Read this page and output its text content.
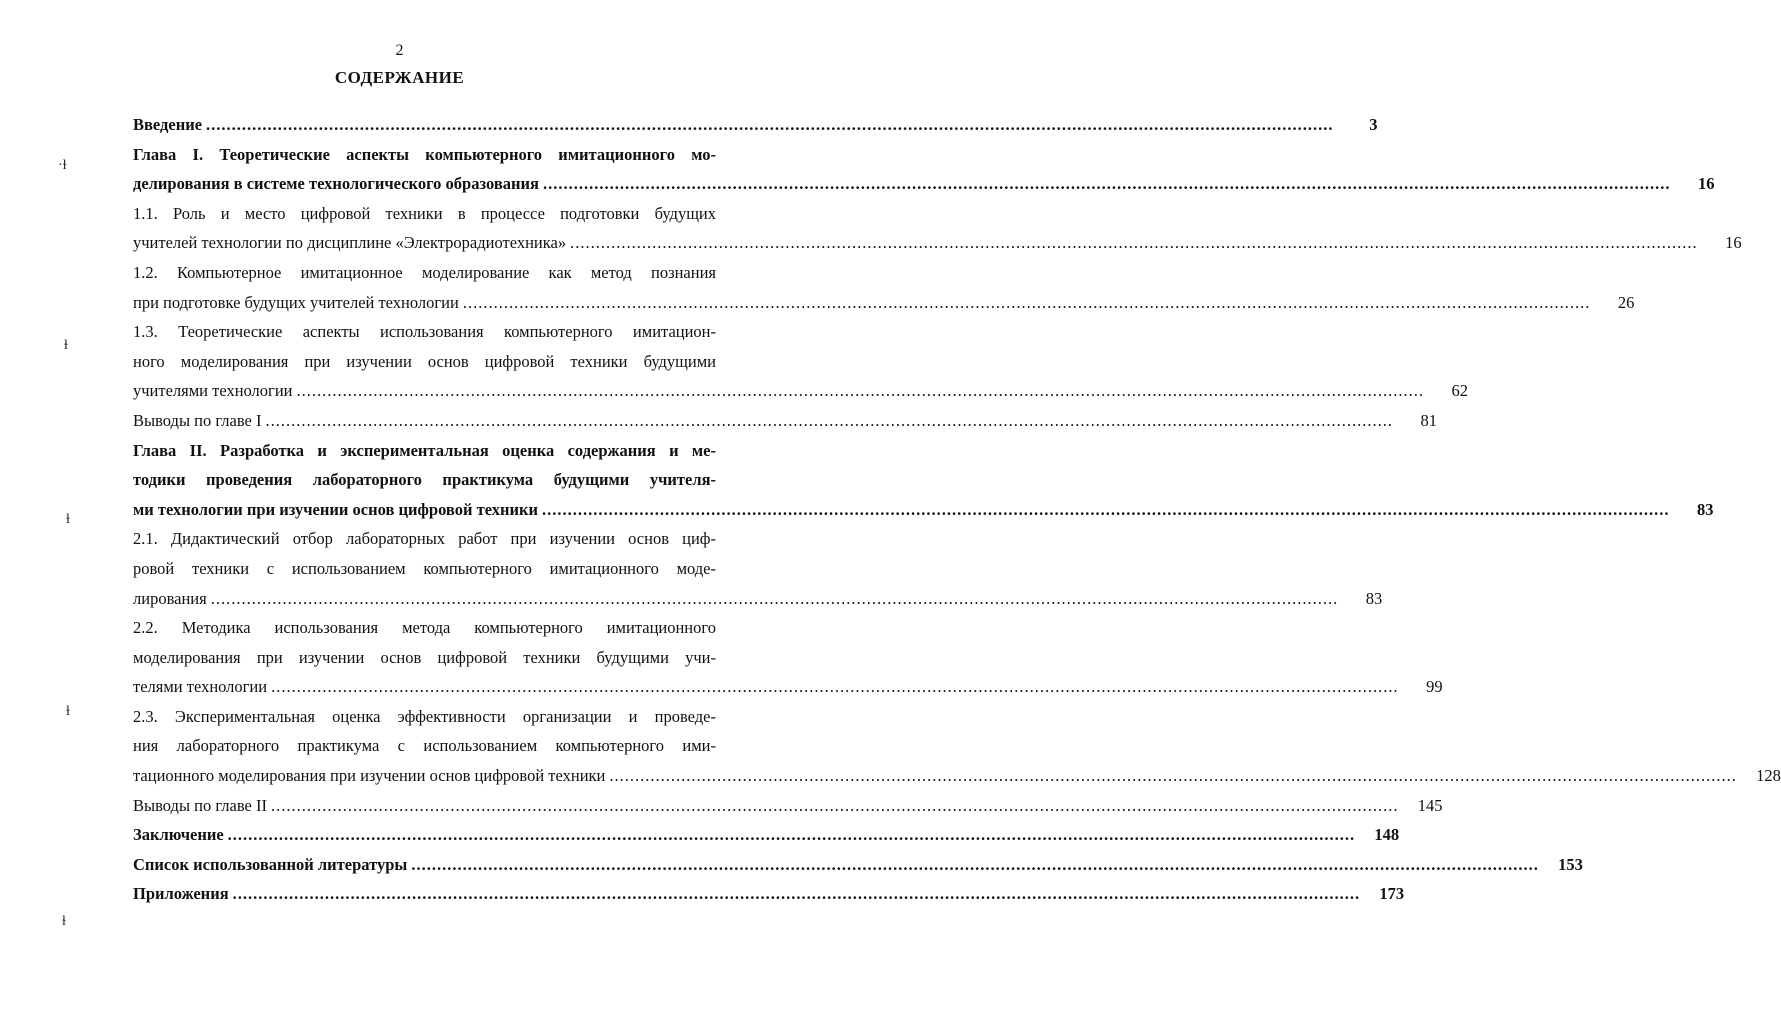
2
СОДЕРЖАНИЕ
Введение ............................................................................................................................................................................................................................	3
Глава I. Теоретические аспекты компьютерного имитационного мо-
делирования в системе технологического образования ............................................................................................................................................................................................................................	16
1.1. Роль и место цифровой техники в процессе подготовки будущих
учителей технологии по дисциплине «Электрорадиотехника» ............................................................................................................................................................................................................................	16
1.2. Компьютерное имитационное моделирование как метод познания
при подготовке будущих учителей технологии ............................................................................................................................................................................................................................	26
1.3. Теоретические аспекты использования компьютерного имитацион-
ного моделирования при изучении основ цифровой техники будущими
учителями технологии ............................................................................................................................................................................................................................	62
Выводы по главе I ............................................................................................................................................................................................................................	81
Глава II. Разработка и экспериментальная оценка содержания и ме-
тодики проведения лабораторного практикума будущими учителя-
ми технологии при изучении основ цифровой техники ............................................................................................................................................................................................................................	83
2.1. Дидактический отбор лабораторных работ при изучении основ циф-
ровой техники с использованием компьютерного имитационного моде-
лирования ............................................................................................................................................................................................................................	83
2.2. Методика использования метода компьютерного имитационного
моделирования при изучении основ цифровой техники будущими учи-
телями технологии ............................................................................................................................................................................................................................	99
2.3. Экспериментальная оценка эффективности организации и проведе-
ния лабораторного практикума с использованием компьютерного ими-
тационного моделирования при изучении основ цифровой техники ............................................................................................................................................................................................................................	128
Выводы по главе II ............................................................................................................................................................................................................................	145
Заключение ............................................................................................................................................................................................................................	148
Список использованной литературы ............................................................................................................................................................................................................................	153
Приложения ............................................................................................................................................................................................................................	173
·ɫ
ɫ
ɫ
ɫ
ɫ
